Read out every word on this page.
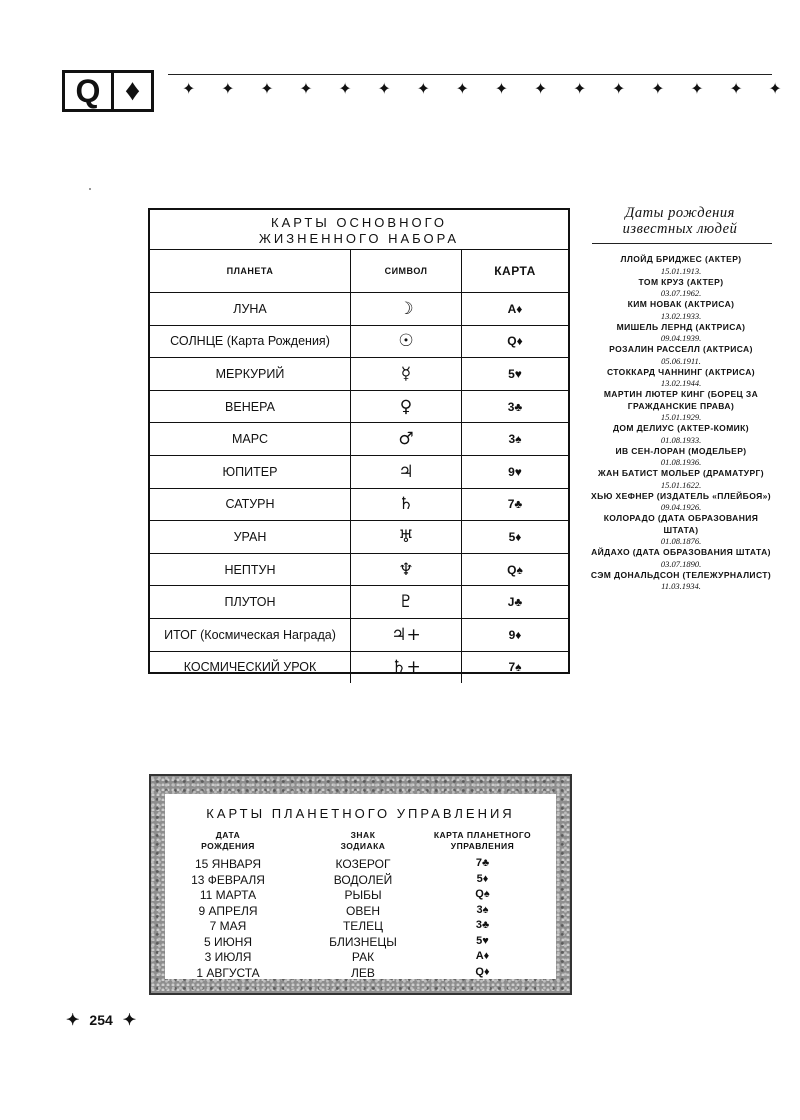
Q ♦	✦ ✦ ✦ ✦ ✦ ✦ ✦ ✦ ✦ ✦ ✦ ✦ ✦ ✦ ✦ ✦
КАРТЫ ОСНОВНОГО
ЖИЗНЕННОГО НАБОРА
ПЛАНЕТА	СИМВОЛ	КАРТА
ЛУНА	☽	A♦
СОЛНЦЕ (Карта Рождения)	☉	Q♦
МЕРКУРИЙ	☿	5♥
ВЕНЕРА	♀	3♣
МАРС	♂	3♠
ЮПИТЕР	♃	9♥
САТУРН	♄	7♣
УРАН	♅	5♦
НЕПТУН	♆	Q♠
ПЛУТОН	♇	J♣
ИТОГ (Космическая Награда)	♃+	9♦
КОСМИЧЕСКИЙ УРОК	♄+	7♠
Даты рождения
известных людей
ЛЛОЙД БРИДЖЕС (АКТЕР)
15.01.1913.
ТОМ КРУЗ (АКТЕР)
03.07.1962.
КИМ НОВАК (АКТРИСА)
13.02.1933.
МИШЕЛЬ ЛЕРНД (АКТРИСА)
09.04.1939.
РОЗАЛИН РАССЕЛЛ (АКТРИСА)
05.06.1911.
СТОККАРД ЧАННИНГ (АКТРИСА)
13.02.1944.
МАРТИН ЛЮТЕР КИНГ (БОРЕЦ ЗА ГРАЖДАНСКИЕ ПРАВА)
15.01.1929.
ДОМ ДЕЛИУС (АКТЕР-КОМИК)
01.08.1933.
ИВ СЕН-ЛОРАН (МОДЕЛЬЕР)
01.08.1936.
ЖАН БАТИСТ МОЛЬЕР (ДРАМАТУРГ)
15.01.1622.
ХЬЮ ХЕФНЕР (ИЗДАТЕЛЬ «ПЛЕЙБОЯ»)
09.04.1926.
КОЛОРАДО (ДАТА ОБРАЗОВАНИЯ ШТАТА)
01.08.1876.
АЙДАХО (ДАТА ОБРАЗОВАНИЯ ШТАТА)
03.07.1890.
СЭМ ДОНАЛЬДСОН (ТЕЛЕЖУРНАЛИСТ)
11.03.1934.
КАРТЫ ПЛАНЕТНОГО УПРАВЛЕНИЯ
ДАТА
РОЖДЕНИЯ
ЗНАК
ЗОДИАКА
КАРТА ПЛАНЕТНОГО
УПРАВЛЕНИЯ
15 ЯНВАРЯ	КОЗЕРОГ	7♣
13 ФЕВРАЛЯ	ВОДОЛЕЙ	5♦
11 МАРТА	РЫБЫ	Q♠
9 АПРЕЛЯ	ОВЕН	3♠
7 МАЯ	ТЕЛЕЦ	3♣
5 ИЮНЯ	БЛИЗНЕЦЫ	5♥
3 ИЮЛЯ	РАК	A♦
1 АВГУСТА	ЛЕВ	Q♦
✦ 254 ✦
